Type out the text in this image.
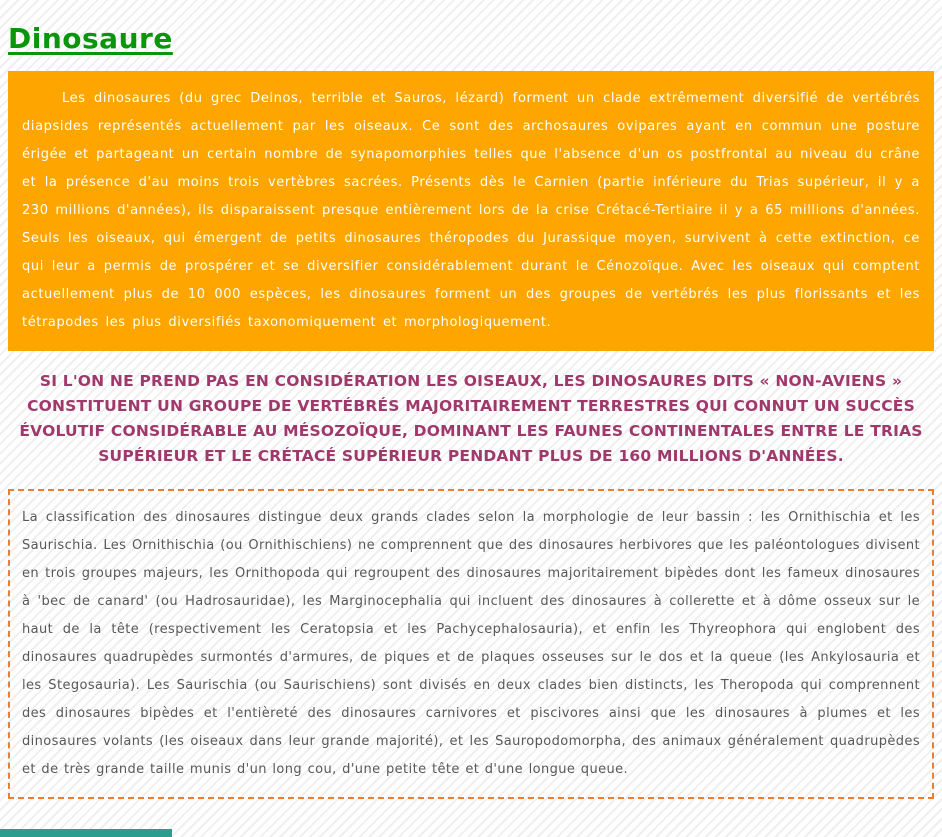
Dinosaure

Les dinosaures (du grec Deinos, terrible et Sauros, lézard) forment un clade extrêmement diversifié de vertébrés diapsides représentés actuellement par les oiseaux. Ce sont des archosaures ovipares ayant en commun une posture érigée et partageant un certain nombre de synapomorphies telles que l'absence d'un os postfrontal au niveau du crâne et la présence d'au moins trois vertèbres sacrées. Présents dès le Carnien (partie inférieure du Trias supérieur, il y a 230 millions d'années), ils disparaissent presque entièrement lors de la crise Crétacé-Tertiaire il y a 65 millions d'années. Seuls les oiseaux, qui émergent de petits dinosaures théropodes du Jurassique moyen, survivent à cette extinction, ce qui leur a permis de prospérer et se diversifier considérablement durant le Cénozoïque. Avec les oiseaux qui comptent actuellement plus de 10 000 espèces, les dinosaures forment un des groupes de vertébrés les plus florissants et les tétrapodes les plus diversifiés taxonomiquement et morphologiquement.

SI L'ON NE PREND PAS EN CONSIDÉRATION LES OISEAUX, LES DINOSAURES DITS « NON-AVIENS » CONSTITUENT UN GROUPE DE VERTÉBRÉS MAJORITAIREMENT TERRESTRES QUI CONNUT UN SUCCÈS ÉVOLUTIF CONSIDÉRABLE AU MÉSOZOÏQUE, DOMINANT LES FAUNES CONTINENTALES ENTRE LE TRIAS SUPÉRIEUR ET LE CRÉTACÉ SUPÉRIEUR PENDANT PLUS DE 160 MILLIONS D'ANNÉES.

La classification des dinosaures distingue deux grands clades selon la morphologie de leur bassin : les Ornithischia et les Saurischia. Les Ornithischia (ou Ornithischiens) ne comprennent que des dinosaures herbivores que les paléontologues divisent en trois groupes majeurs, les Ornithopoda qui regroupent des dinosaures majoritairement bipèdes dont les fameux dinosaures à 'bec de canard' (ou Hadrosauridae), les Marginocephalia qui incluent des dinosaures à collerette et à dôme osseux sur le haut de la tête (respectivement les Ceratopsia et les Pachycephalosauria), et enfin les Thyreophora qui englobent des dinosaures quadrupèdes surmontés d'armures, de piques et de plaques osseuses sur le dos et la queue (les Ankylosauria et les Stegosauria). Les Saurischia (ou Saurischiens) sont divisés en deux clades bien distincts, les Theropoda qui comprennent des dinosaures bipèdes et l'entièreté des dinosaures carnivores et piscivores ainsi que les dinosaures à plumes et les dinosaures volants (les oiseaux dans leur grande majorité), et les Sauropodomorpha, des animaux généralement quadrupèdes et de très grande taille munis d'un long cou, d'une petite tête et d'une longue queue.
